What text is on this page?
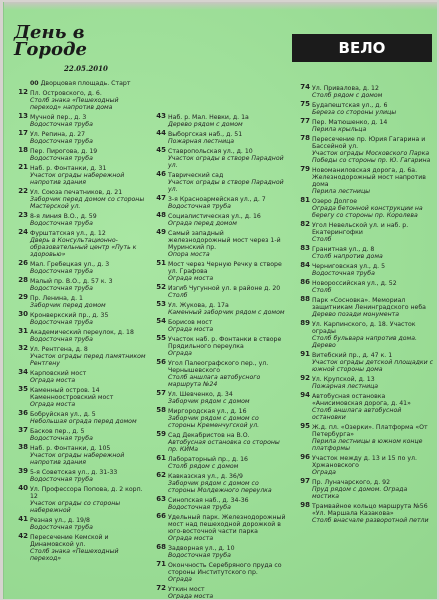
День в Городе
22.05.2010
ВЕЛО
00 Дворцовая площадь. Старт
12 Пл. Островского, д. 6.
Столб знака «Пешеходный переход» напротив дома
13 Мучной пер., д. 3
Водосточная труба
17 Ул. Репина, д. 27
Водосточная труба
18 Пер. Пирогова, д. 19
Водосточная труба
21 Наб. р. Фонтанки, д. 31
Участок ограды набережной напротив здания
22 Ул. Союза печатников, д. 21
Заборчик перед домом со стороны Мастерской ул.
23 8-я линия В.О., д. 59
Водосточная труба
24 Фурштатская ул., д. 12
Дверь в Консультационно-образовательный центр «Путь к здоровью»
26 Мал. Гребецкая ул., д. 3
Водосточная труба
28 Малый пр. В.О., д. 57 к. 3
Водосточная труба
29 Пр. Ленина, д. 1
Заборчик перед домом
30 Кронверкский пр., д. 35
Водосточная труба
31 Академический переулок, д. 18
Водосточная труба
32 Ул. Рентгена, д. 8
Участок ограды перед памятником Рентгену
34 Карповский мост
Ограда моста
35 Каменный остров. 14 Каменноостровский мост
Ограда моста
36 Бобруйская ул., д. 5
Небольшая ограда перед домом
37 Басков пер., д. 5
Водосточная труба
38 Наб. р. Фонтанки, д. 105
Участок ограды набережной напротив здания
39 5-я Советская ул., д. 31-33
Водосточная труба
40 Ул. Профессора Попова, д. 2 корп. 12
Участок ограды со стороны набережной
41 Резная ул., д. 19/8
Водосточная труба
42 Пересечение Кемской и Динамовской ул.
Столб знака «Пешеходный переход»
43 Наб. р. Мал. Невки, д. 1а
Дерево рядом с домом
44 Выборгская наб., д. 51
Пожарная лестница
45 Ставропольская ул., д. 10
Участок ограды в створе Парадной ул.
46 Таврический сад
Участок ограды в створе Парадной ул.
47 3-я Красноармейская ул., д. 7
Водосточная труба
48 Социалистическая ул., д. 16
Ограда перед домом
49 Самый западный железнодорожный мост через 1-й Муринский пр.
Опора моста
51 Мост через Черную Речку в створе ул. Графова
Ограда моста
52 Изгиб Чугунной ул. в районе д. 20
Столб
53 Ул. Жукова, д. 17а
Каменный заборчик рядом с домом
54 Борисов мост
Ограда моста
55 Участок наб. р. Фонтанки в створе Прядильного переулка
Ограда
56 Угол Палеографского пер., ул. Чернышевского
Столб аншлага автобусного маршрута №24
57 Ул. Шевченко, д. 34
Заборчик рядом с домом
58 Миргородская ул., д. 16
Заборчик рядом с домом со стороны Кременчугской ул.
59 Сад Декабристов на В.О.
Автобусная остановка со стороны пр. КИМа
61 Лабораторный пр., д. 16
Столб рядом с домом
62 Кавказская ул., д. 36/9
Заборчик рядом с домом со стороны Молдежного переулка
63 Синопская наб., д. 34-36
Водосточная труба
66 Удельный парк. Железнодорожный мост над пешеходной дорожкой в юго-восточной части парка
Ограда моста
68 Задворная ул., д. 10
Водосточная труба
71 Окончность Серебряного пруда со стороны Институтского пр.
Ограда
72 Уткин мост
Ограда моста
74 Ул. Привалова, д. 12
Столб рядом с домом
75 Будапештская ул., д. 6
Береза со стороны улицы
77 Пер. Матюшенко, д. 14
Перила крыльца
78 Пересечение пр. Юрия Гагарина и Бассейной ул.
Участок ограды Московского Парка Победы со стороны пр. Ю. Гагарина
79 Новоманиловская дорога, д. 6а. Железнодорожный мост напротив дома
Перила лестницы
81 Озеро Долгое
Ограда бетонной конструкции на берегу со стороны пр. Королева
82 Угол Невельской ул. и наб. р. Екатерингофки
Столб
83 Гранитная ул., д. 8
Столб напротив дома
84 Черниговская ул., д. 5
Водосточная труба
86 Новороссийская ул., д. 52
Столб
88 Парк «Сосновка». Мемориал защитникам Ленинградского неба
Дерево позади монумента
89 Ул. Карпинского, д. 18. Участок ограды
Столб бульвара напротив дома. Дерево
91 Витебский пр., д. 47 к. 1
Участок ограды детской площадки с южной стороны дома
92 Ул. Крупской, д. 13
Пожарная лестница
94 Автобусная остановка «Анисимовская дорога, д. 41»
Столб аншлага автобусной остановки
95 Ж.д. пл. «Озерки». Платформа «От Петербурга»
Перила лестницы в южном конце платформы
96 Участок между д. 13 и 15 по ул. Хржановского
Ограда
97 Пр. Луначарского, д. 92
Пруд рядом с домом. Ограда мостика
98 Трамвайное кольцо маршрута №56 «Ул. Маршала Казакова»
Столб внасчале разворотной петли
